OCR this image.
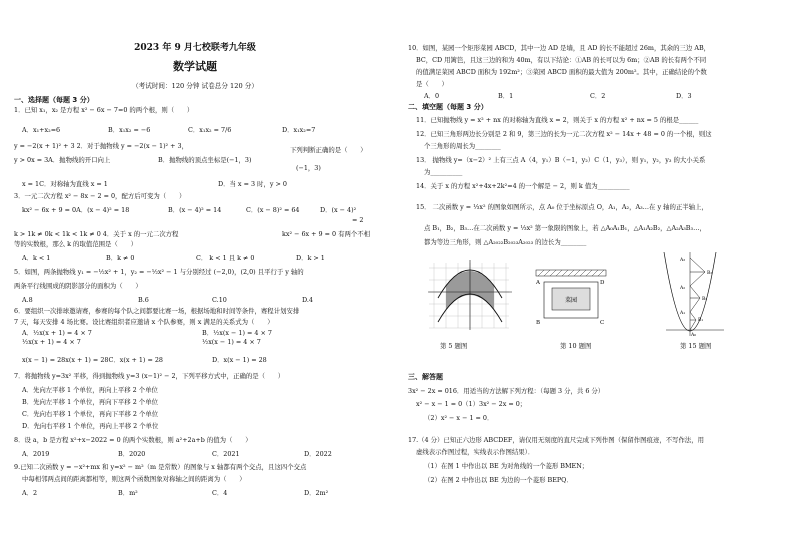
2023 年 9 月七校联考九年级
数学试题
（考试时间：120 分钟 试卷总分 120 分）
一、选择题（每题 3 分）
1．已知 x₁，x₂ 是方程 x² − 6x − 7=0 的两个根，则（　　）
A．x₁+x₂=6	B．x₁x₂ = −6	C．x₁x₂ = 7/6	D．x₁x₂=7
y = −2(x + 1)² + 3 2．对于抛物线 y = −2(x − 1)² + 3，	下列判断正确的是（　　）
y > 0x = 3A．抛物线的开口向上	B．抛物线的顶点坐标是(−1，3)
(−1，3)
x = 1C．对称轴为直线 x = 1	D．当 x = 3 时，y > 0
3．一元二次方程 x² − 8x − 2 = 0，配方后可变为（　　）
kx² − 6x + 9 = 0A．(x − 4)² = 18	B．(x − 4)² = 14	C．(x − 8)² = 64	D．(x − 4)²
= 2
k > 1k ≠ 0k < 1k < 1k ≠ 0 4．关于 x 的一元二次方程	kx² − 6x + 9 = 0 有两个不相
等的实数根，那么 k 的取值范围是（　　）
A．k < 1	B．k ≠ 0	C． k < 1 且 k ≠ 0	D．k > 1
5．如图，两条抛物线 y₁ = −½x² + 1，y₂ = −½x² − 1 与分别经过 (−2,0)，(2,0) 且平行于 y 轴的
两条平行线围成的阴影部分的面积为（　　）
A.8	B.6	C.10	D.4
6．要组织一次排球邀请赛，参赛的每个队之间都要比赛一场，根据场地和时间等条件，赛程计划安排
7 天，每天安排 4 场比赛。设比赛组织者应邀请 x 个队参赛，则 x 满足的关系式为（　　）
A．½x(x + 1) = 4 × 7	B．½x(x − 1) = 4 × 7
½x(x + 1) = 4 × 7	½x(x − 1) = 4 × 7
x(x − 1) = 28x(x + 1) = 28C．x(x + 1) = 28	D．x(x − 1) = 28
7．将抛物线 y=3x² 平移，得到抛物线 y=3 (x−1)² − 2，下列平移方式中，正确的是（　　）
A．先向左平移 1 个单位，再向上平移 2 个单位
B．先向左平移 1 个单位，再向下平移 2 个单位
C．先向右平移 1 个单位，再向下平移 2 个单位
D．先向右平移 1 个单位，再向上平移 2 个单位
8．设 a，b 是方程 x²+x−2022 = 0 的两个实数根，则 a²+2a+b 的值为（　　）
A．2019	B．2020	C．2021	D．2022
9.已知二次函数 y = −x²+mx 和 y=x² − m²（m 是常数）的图象与 x 轴都有两个交点，且这四个交点
中每相邻两点间的距离都相等，则这两个函数图象对称轴之间的距离为（　　）
A．2	B．m²	C．4	D．2m²
10．如图，某园一个矩形菜园 ABCD，其中一边 AD 是墙，且 AD 的长不能超过 26m，其余的三边 AB，
BC，CD 用篱笆，且这三边的和为 40m，有以下结论：①AB 的长可以为 6m；②AB 的长有两个不同
的值满足菜园 ABCD 面积为 192m²；③菜园 ABCD 面积的最大值为 200m²。其中，正确结论的个数
是（　　）
A．0	B．1	C．2	D．3
二、填空题（每题 3 分）
11．已知抛物线 y = x² + nx 的对称轴为直线 x = 2，则关于 x 的方程 x² + nx = 5 的根是______
12．已知三角形两边长分别是 2 和 9，第三边的长为一元二次方程 x² − 14x + 48 = 0 的一个根，则这
个三角形的周长为________
13． 抛物线 y=（x−2）² 上有三点 A（4，y₁）B（−1，y₂）C（1，y₃），则 y₁，y₂，y₃ 的大小关系
为__________
14．关于 x 的方程 x²+4x+2k²=4 的一个解是 − 2，则 k 值为__________
15． 二次函数 y = ⅓x² 的图象如图所示，点 A₀ 位于坐标原点 O，A₁，A₂，A₃…在 y 轴的正半轴上，
点 B₁，B₂，B₃…在二次函数 y = ⅓x² 第一象限的图象上，若 △A₀A₁B₁，△A₁A₂B₂，△A₂A₃B₃…，
都为等边三角形，则 △A₂₀₂₂B₂₀₂₃A₂₀₂₃ 的边长为________
三、解答题
3x² − 2x = 016．用适当的方法解下列方程：（每题 3 分，共 6 分）
x² − x − 1 = 0（1）3x² − 2x = 0；
（2）x² − x − 1 = 0．
17.（4 分）已知正六边形 ABCDEF，请仅用无刻度的直尺完成下列作图（保留作图痕迹，不写作法，用
虚线表示作图过程，实线表示作图结果）．
（1）在图 1 中作出以 BE 为对角线的一个菱形 BMEN；
（2）在图 2 中作出以 BE 为边的一个菱形 BEPQ．
第 5 题图
菜园
A	D
B	C
第 10 题图
A₃
A₂
A₁
B₃
B₂
B₁
A₀
第 15 题图
